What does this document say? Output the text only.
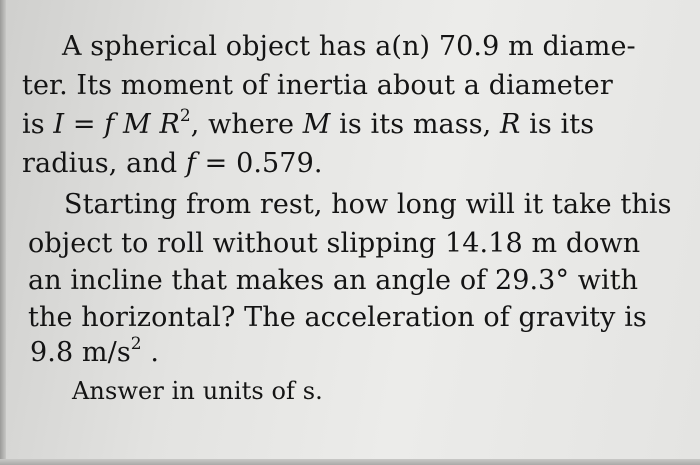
A spherical object has a(n) 70.9 m diame-
ter. Its moment of inertia about a diameter
is I = f M $R^2$, where M is its mass, R is its
radius, and f = 0.579.
Starting from rest, how long will it take this
object to roll without slipping 14.18 m down
an incline that makes an angle of 29.3° with
the horizontal? The acceleration of gravity is
9.8 $m/s^2$ .
Answer in units of s.
